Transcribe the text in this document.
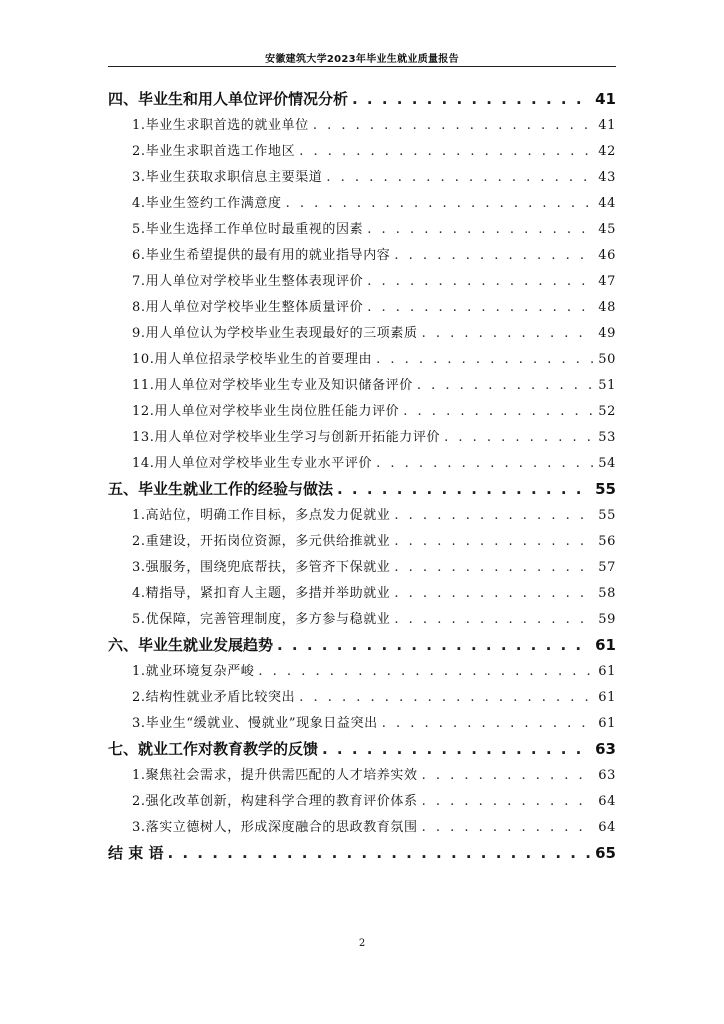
安徽建筑大学2023年毕业生就业质量报告
四、毕业生和用人单位评价情况分析 . . .	41
1.毕业生求职首选的就业单位 . . .	41
2.毕业生求职首选工作地区 . . .	42
3.毕业生获取求职信息主要渠道 . . .	43
4.毕业生签约工作满意度 . . .	44
5.毕业生选择工作单位时最重视的因素 . . .	45
6.毕业生希望提供的最有用的就业指导内容 . . .	46
7.用人单位对学校毕业生整体表现评价 . . .	47
8.用人单位对学校毕业生整体质量评价 . . .	48
9.用人单位认为学校毕业生表现最好的三项素质 . . .	49
10.用人单位招录学校毕业生的首要理由 . . .	50
11.用人单位对学校毕业生专业及知识储备评价 . . .	51
12.用人单位对学校毕业生岗位胜任能力评价 . . .	52
13.用人单位对学校毕业生学习与创新开拓能力评价 . . .	53
14.用人单位对学校毕业生专业水平评价 . . .	54
五、毕业生就业工作的经验与做法 . . .	55
1.高站位，明确工作目标，多点发力促就业 . . .	55
2.重建设，开拓岗位资源，多元供给推就业 . . .	56
3.强服务，围绕兜底帮扶，多管齐下保就业 . . .	57
4.精指导，紧扣育人主题，多措并举助就业 . . .	58
5.优保障，完善管理制度，多方参与稳就业 . . .	59
六、毕业生就业发展趋势 . . .	61
1.就业环境复杂严峻 . . .	61
2.结构性就业矛盾比较突出 . . .	61
3.毕业生“缓就业、慢就业”现象日益突出 . . .	61
七、就业工作对教育教学的反馈 . . .	63
1.聚焦社会需求，提升供需匹配的人才培养实效 . . .	63
2.强化改革创新，构建科学合理的教育评价体系 . . .	64
3.落实立德树人，形成深度融合的思政教育氛围 . . .	64
结 束 语 . . .	65
2
